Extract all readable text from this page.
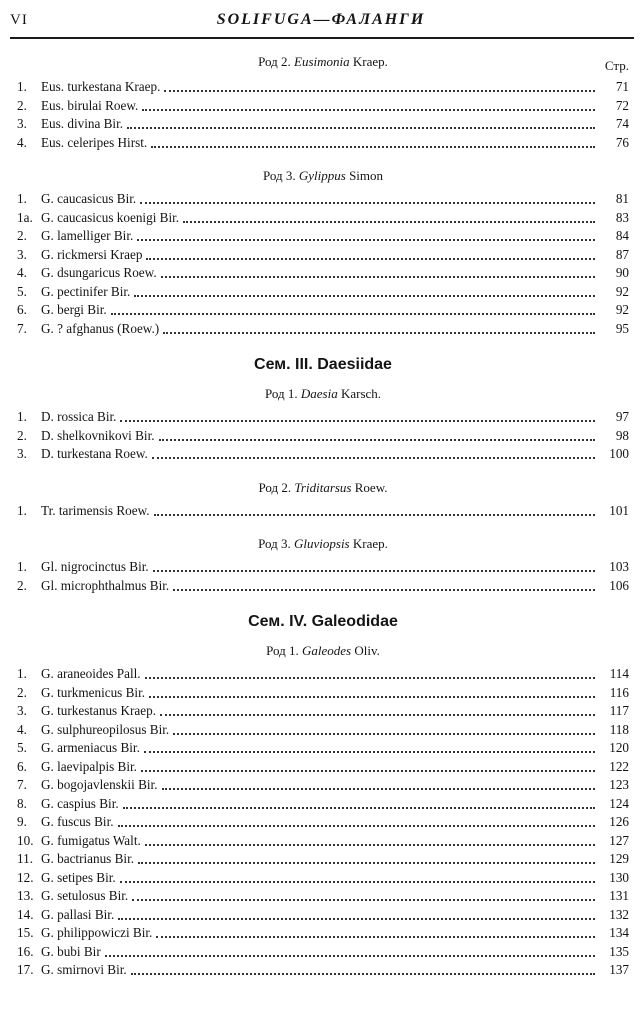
VI	SOLIFUGA—ФАЛАНГИ
Род 2. Eusimonia Kraep.	Стр.
1.	Eus. turkestana Kraep.	71
2.	Eus. birulai Roew.	72
3.	Eus. divina Bir.	74
4.	Eus. celeripes Hirst.	76
Род 3. Gylippus Simon
1.	G. caucasicus Bir.	81
1a. G. caucasicus koenigi Bir.	83
2.	G. lamelliger Bir.	84
3.	G. rickmersi Kraep	87
4.	G. dsungaricus Roew.	90
5.	G. pectinifer Bir.	92
6.	G. bergi Bir.	92
7.	G. ? afghanus (Roew.)	95
Сем. III. Daesiidae
Род 1. Daesia Karsch.
1.	D. rossica Bir.	97
2.	D. shelkovnikovi Bir.	98
3.	D. turkestana Roew.	100
Род 2. Triditarsus Roew.
1.	Tr. tarimensis Roew.	101
Род 3. Gluviopsis Kraep.
1.	Gl. nigrocinctus Bir.	103
2.	Gl. microphthalmus Bir.	106
Сем. IV. Galeodidae
Род 1. Galeodes Oliv.
1.	G. araneoides Pall.	114
2.	G. turkmenicus Bir.	116
3.	G. turkestanus Kraep.	117
4.	G. sulphureopilosus Bir.	118
5.	G. armeniacus Bir.	120
6.	G. laevipalpis Bir.	122
7.	G. bogojavlenskii Bir.	123
8.	G. caspius Bir.	124
9.	G. fuscus Bir.	126
10. G. fumigatus Walt.	127
11. G. bactrianus Bir.	129
12. G. setipes Bir.	130
13. G. setulosus Bir.	131
14. G. pallasi Bir.	132
15. G. philippowiczi Bir.	134
16. G. bubi Bir	135
17. G. smirnovi Bir.	137
